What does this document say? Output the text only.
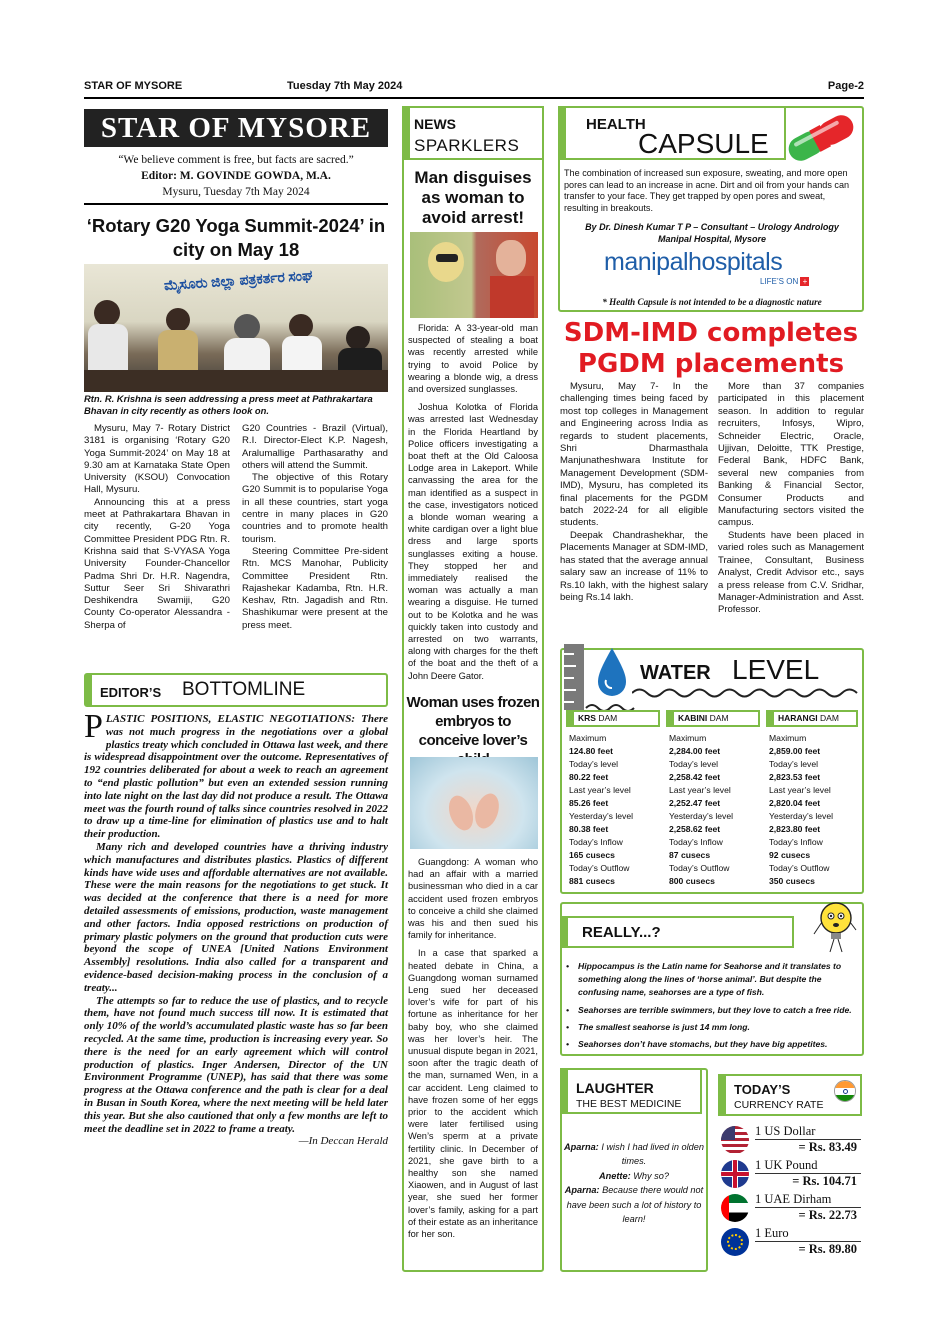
STAR OF MYSORE	Tuesday 7th May 2024	Page-2
STAR OF MYSORE
“We believe comment is free, but facts are sacred.”
Editor: M. GOVINDE GOWDA, M.A.
Mysuru, Tuesday 7th May 2024
‘Rotary G20 Yoga Summit-2024’ in city on May 18
ಮೈಸೂರು ಜಿಲ್ಲಾ ಪತ್ರಕರ್ತರ ಸಂಘ
Rtn. R. Krishna is seen addressing a press meet at Pathrakartara Bhavan in city recently as others look on.

Mysuru, May 7- Rotary District 3181 is organising ‘Rotary G20 Yoga Summit-2024’ on May 18 at 9.30 am at Karnataka State Open University (KSOU) Convocation Hall, Mysuru.

Announcing this at a press meet at Pathrakartara Bhavan in city recently, G-20 Yoga Committee President PDG Rtn. R. Krishna said that S-VYASA Yoga University Founder-Chancellor Padma Shri Dr. H.R. Nagendra, Suttur Seer Sri Shivarathri Deshikendra Swamiji, G20 County Co-operator Alessandra - Sherpa of

G20 Countries - Brazil (Virtual), R.I. Director-Elect K.P. Nagesh, Aralumallige Parthasarathy and others will attend the Summit.

The objective of this Rotary G20 Summit is to popularise Yoga in all these countries, start yoga centre in many places in G20 countries and to promote health tourism.

Steering Committee Pre-sident Rtn. MCS Manohar, Publicity Committee President Rtn. Rajashekar Kadamba, Rtn. H.R. Keshav, Rtn. Jagadish and Rtn. Shashikumar were present at the press meet.

EDITOR’S BOTTOMLINE

PLASTIC POSITIONS, ELASTIC NEGOTIATIONS: There was not much progress in the negotiations over a global plastics treaty which concluded in Ottawa last week, and there is widespread disappointment over the outcome. Representatives of 192 countries deliberated for about a week to reach an agreement to “end plastic pollution” but even an extended session running into late night on the last day did not produce a result. The Ottawa meet was the fourth round of talks since countries resolved in 2022 to draw up a time-line for elimination of plastics use and to halt their production.

Many rich and developed countries have a thriving industry which manufactures and distributes plastics. Plastics of different kinds have wide uses and affordable alternatives are not available. These were the main reasons for the negotiations to get stuck. It was decided at the conference that there is a need for more detailed assessments of emissions, production, waste management and other factors. India opposed restrictions on production of primary plastic polymers on the ground that production cuts were beyond the scope of UNEA [United Nations Environment Assembly] resolutions. India also called for a transparent and evidence-based decision-making process in the conclusion of a treaty...

The attempts so far to reduce the use of plastics, and to recycle them, have not found much success till now. It is estimated that only 10% of the world’s accumulated plastic waste has so far been recycled. At the same time, production is increasing every year. So there is the need for an early agreement which will control production of plastics. Inger Andersen, Director of the UN Environment Programme (UNEP), has said that there was some progress at the Ottawa conference and the path is clear for a deal in Busan in South Korea, where the next meeting will be held later this year. But she also cautioned that only a few months are left to meet the deadline set in 2022 to frame a treaty.

—In Deccan Herald

NEWS
SPARKLERS
Man disguises as woman to avoid arrest!

Florida: A 33-year-old man suspected of stealing a boat was recently arrested while trying to avoid Police by wearing a blonde wig, a dress and oversized sunglasses.

Joshua Kolotka of Florida was arrested last Wednesday in the Florida Heartland by Police officers investigating a boat theft at the Old Caloosa Lodge area in Lakeport. While canvassing the area for the man identified as a suspect in the case, investigators noticed a blonde woman wearing a white cardigan over a light blue dress and large sports sunglasses exiting a house. They stopped her and immediately realised the woman was actually a man wearing a disguise. He turned out to be Kolotka and he was quickly taken into custody and arrested on two warrants, along with charges for the theft of the boat and the theft of a John Deere Gator.

Woman uses frozen embryos to conceive lover’s

Guangdong: A woman who had an affair with a married businessman who died in a car accident used frozen embryos to conceive a child she claimed was his and then sued his family for inheritance.

In a case that sparked a heated debate in China, a Guangdong woman surnamed Leng sued her deceased lover’s wife for part of his fortune as inheritance for her baby boy, who she claimed was her lover’s heir. The unusual dispute began in 2021, soon after the tragic death of the man, surnamed Wen, in a car accident. Leng claimed to have frozen some of her eggs prior to the accident which were later fertilised using Wen’s sperm at a private fertility clinic. In December of 2021, she gave birth to a healthy son she named Xiaowen, and in August of last year, she sued her former lover’s family, asking for a part of their estate as an inheritance for her son.

HEALTH
CAPSULE
The combination of increased sun exposure, sweating, and more open pores can lead to an increase in acne. Dirt and oil from your hands can transfer to your face. They get trapped by open pores and sweat, resulting in breakouts.
By Dr. Dinesh Kumar T P – Consultant – Urology Andrology Manipal Hospital, Mysore
manipalhospitals
LIFE’S ON +
* Health Capsule is not intended to be a diagnostic nature
SDM-IMD completes PGDM placements

Mysuru, May 7- In the challenging times being faced by most top colleges in Management and Engineering across India as regards to student placements, Shri Dharmasthala Manjunatheshwara Institute for Management Development (SDM-IMD), Mysuru, has completed its final placements for the PGDM batch 2022-24 for all eligible students.

Deepak Chandrashekhar, the Placements Manager at SDM-IMD, has stated that the average annual salary saw an increase of 11% to Rs.10 lakh, with the highest salary being Rs.14 lakh.

More than 37 companies participated in this placement season. In addition to regular recruiters, Infosys, Wipro, Schneider Electric, Oracle, Ujjivan, Deloitte, TTK Prestige, Federal Bank, HDFC Bank, several new companies from Banking & Financial Sector, Consumer Products and Manufacturing sectors visited the campus.

Students have been placed in varied roles such as Management Trainee, Consultant, Business Analyst, Credit Advisor etc., says a press release from C.V. Sridhar, Manager-Administration and Asst. Professor.

WATER LEVEL
KRS DAM
Maximum
124.80 feet
Today’s level
80.22 feet
Last year’s level
85.26 feet
Yesterday’s level
80.38 feet
Today’s Inflow
165 cusecs
Today’s Outflow
881 cusecs
KABINI DAM
Maximum
2,284.00 feet
Today’s level
2,258.42 feet
Last year’s level
2,252.47 feet
Yesterday’s level
2,258.62 feet
Today’s Inflow
87 cusecs
Today’s Outflow
800 cusecs
HARANGI DAM
Maximum
2,859.00 feet
Today’s level
2,823.53 feet
Last year’s level
2,820.04 feet
Yesterday’s level
2,823.80 feet
Today’s Inflow
92 cusecs
Today’s Outflow
350 cusecs
REALLY...?
• Hippocampus is the Latin name for Seahorse and it translates to something along the lines of ‘horse animal’. But despite the confusing name, seahorses are a type of fish.
• Seahorses are terrible swimmers, but they love to catch a free ride.
• The smallest seahorse is just 14 mm long.
• Seahorses don’t have stomachs, but they have big appetites.
LAUGHTER
THE BEST MEDICINE
Aparna: I wish I had lived in olden times.
Anette: Why so?
Aparna: Because there would not have been such a lot of history to learn!
TODAY’S
CURRENCY RATE
1 US Dollar
= Rs. 83.49
1 UK Pound
= Rs. 104.71
1 UAE Dirham
= Rs. 22.73
1 Euro
= Rs. 89.80
